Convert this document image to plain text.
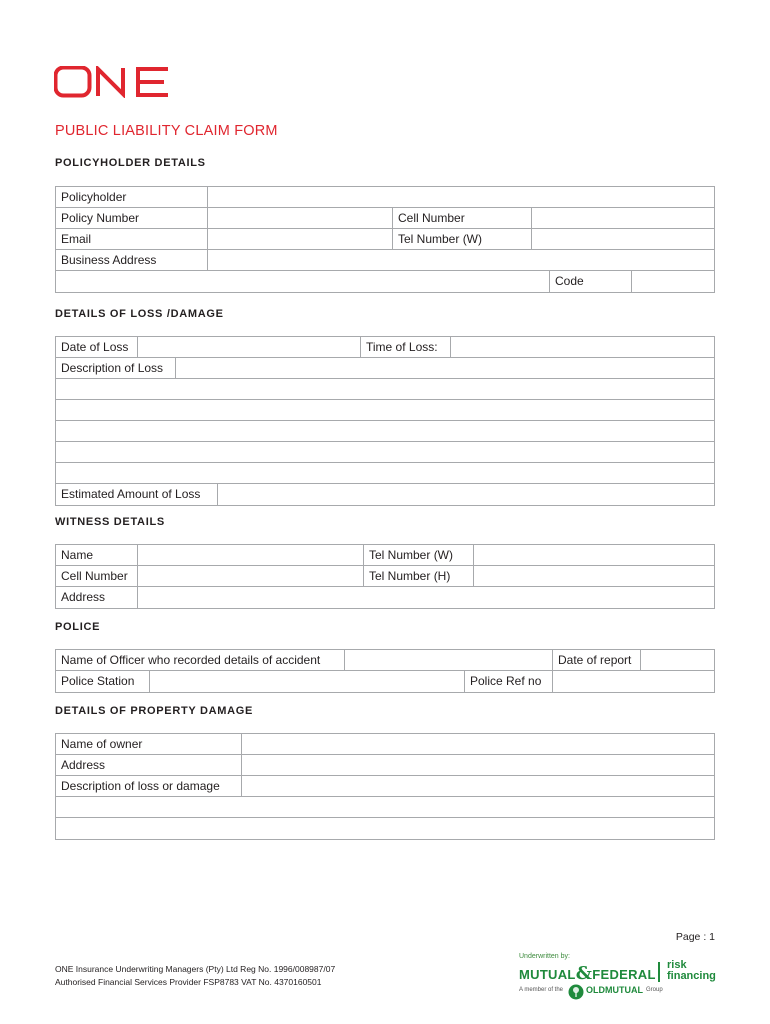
PUBLIC LIABILITY CLAIM FORM
POLICYHOLDER DETAILS
Policyholder
Policy Number	Cell Number
Email	Tel Number (W)
Business Address
Code
DETAILS OF LOSS /DAMAGE
Date of Loss	Time of Loss:
Description of Loss
Estimated Amount of Loss
WITNESS DETAILS
Name	Tel Number (W)
Cell Number	Tel Number (H)
Address
POLICE
Name of Officer who recorded details of accident	Date of report
Police Station	Police Ref no
DETAILS OF PROPERTY DAMAGE
Name of owner
Address
Description of loss or damage
Page : 1
ONE Insurance Underwriting Managers (Pty) Ltd Reg No. 1996/008987/07
Authorised Financial Services Provider FSP8783 VAT No. 4370160501
Underwritten by:
MUTUAL&FEDERAL
risk
financing
A member of the	OLDMUTUAL Group
